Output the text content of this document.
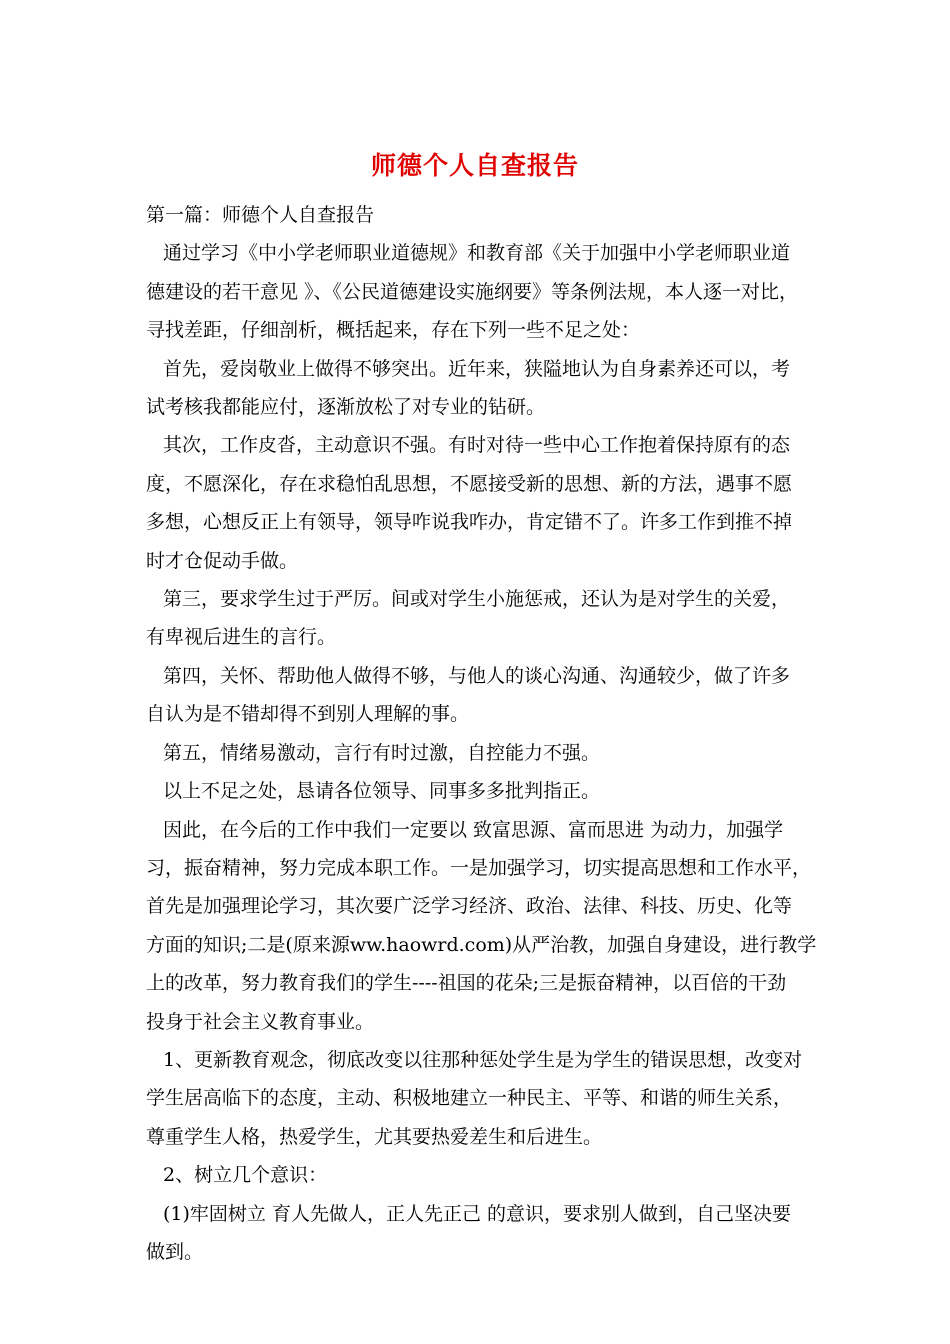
师德个人自查报告
第一篇：师德个人自查报告
通过学习《中小学老师职业道德规》和教育部《关于加强中小学老师职业道
德建设的若干意见 》、《公民道德建设实施纲要》等条例法规，本人逐一对比，
寻找差距，仔细剖析，概括起来，存在下列一些不足之处：
首先，爱岗敬业上做得不够突出。近年来，狭隘地认为自身素养还可以，考
试考核我都能应付，逐渐放松了对专业的钻研。
其次，工作皮沓，主动意识不强。有时对待一些中心工作抱着保持原有的态
度，不愿深化，存在求稳怕乱思想，不愿接受新的思想、新的方法，遇事不愿
多想，心想反正上有领导，领导咋说我咋办，肯定错不了。许多工作到推不掉
时才仓促动手做。
第三，要求学生过于严厉。间或对学生小施惩戒，还认为是对学生的关爱，
有卑视后进生的言行。
第四，关怀、帮助他人做得不够，与他人的谈心沟通、沟通较少，做了许多
自认为是不错却得不到别人理解的事。
第五，情绪易激动，言行有时过激，自控能力不强。
以上不足之处，恳请各位领导、同事多多批判指正。
因此，在今后的工作中我们一定要以 致富思源、富而思进 为动力，加强学
习，振奋精神，努力完成本职工作。一是加强学习，切实提高思想和工作水平，
首先是加强理论学习，其次要广泛学习经济、政治、法律、科技、历史、化等
方面的知识;二是(原来源ww.haowrd.com)从严治教，加强自身建设，进行教学
上的改革，努力教育我们的学生----祖国的花朵;三是振奋精神，以百倍的干劲
投身于社会主义教育事业。
1、更新教育观念，彻底改变以往那种惩处学生是为学生的错误思想，改变对
学生居高临下的态度，主动、积极地建立一种民主、平等、和谐的师生关系，
尊重学生人格，热爱学生，尤其要热爱差生和后进生。
2、树立几个意识：
(1)牢固树立 育人先做人，正人先正己 的意识，要求别人做到，自己坚决要
做到。
